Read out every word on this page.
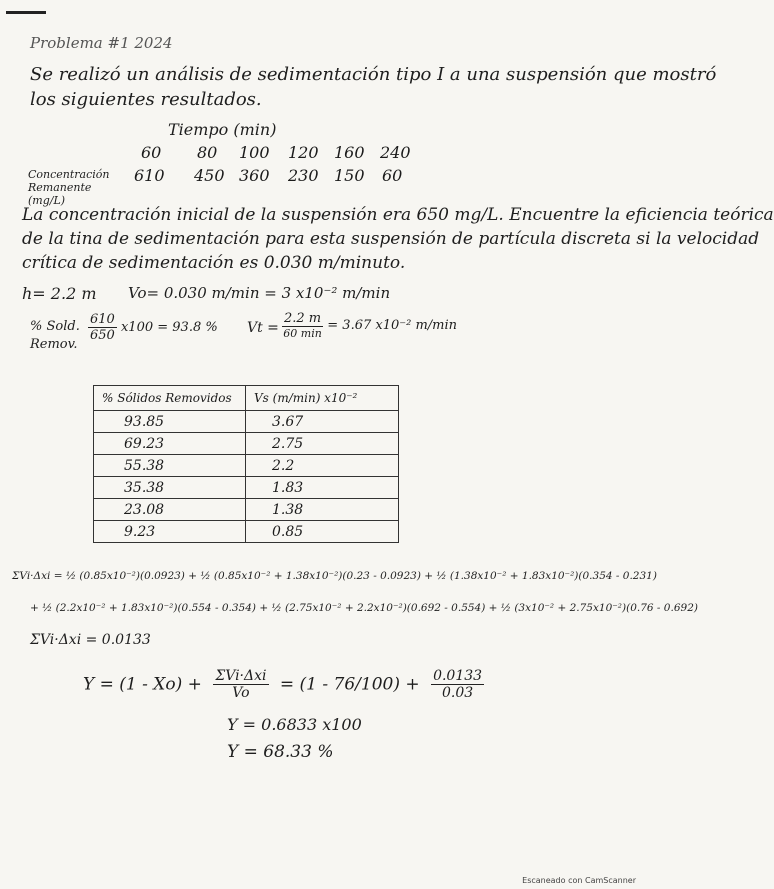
Problema #1 2024
Se realizó un análisis de sedimentación tipo I a una suspensión que mostró
los siguientes resultados.
Tiempo (min)
60 80 100 120 160 240
Concentración Remanente (mg/L)
610 450 360 230 150 60
La concentración inicial de la suspensión era 650 mg/L. Encuentre la eficiencia teórica
de la tina de sedimentación para esta suspensión de partícula discreta si la velocidad
crítica de sedimentación es 0.030 m/minuto.
h= 2.2 m Vo= 0.030 m/min = 3 x10⁻² m/min
% Sold. Remov.
$\frac{610}{650} x100 = 93.8$ % $Vt = \frac{2.2 m}{60 \min} = 3.67$ x10⁻² m/min
% Sólidos Removidos	Vs (m/min) x10⁻²
93.85	3.67
69.23	2.75
55.38	2.2
35.38	1.83
23.08	1.38
9.23	0.85
ΣVi·Δxi = ½ (0.85x10⁻²)(0.0923) + ½ (0.85x10⁻² + 1.38x10⁻²)(0.23 - 0.0923) + ½ (1.38x10⁻² + 1.83x10⁻²)(0.354 - 0.231)
+ ½ (2.2x10⁻² + 1.83x10⁻²)(0.554 - 0.354) + ½ (2.75x10⁻² + 2.2x10⁻²)(0.692 - 0.554) + ½ (3x10⁻² + 2.75x10⁻²)(0.76 - 0.692)
ΣVi·Δxi = 0.0133
$Y = (1 - Xo) + \frac{\text{ΣVi·Δxi}}{Vo} = (1 - 76/100) + \frac{0.0133}{0.03}$
Y = 0.6833 x100
Y = 68.33 %
Escaneado con CamScanner
